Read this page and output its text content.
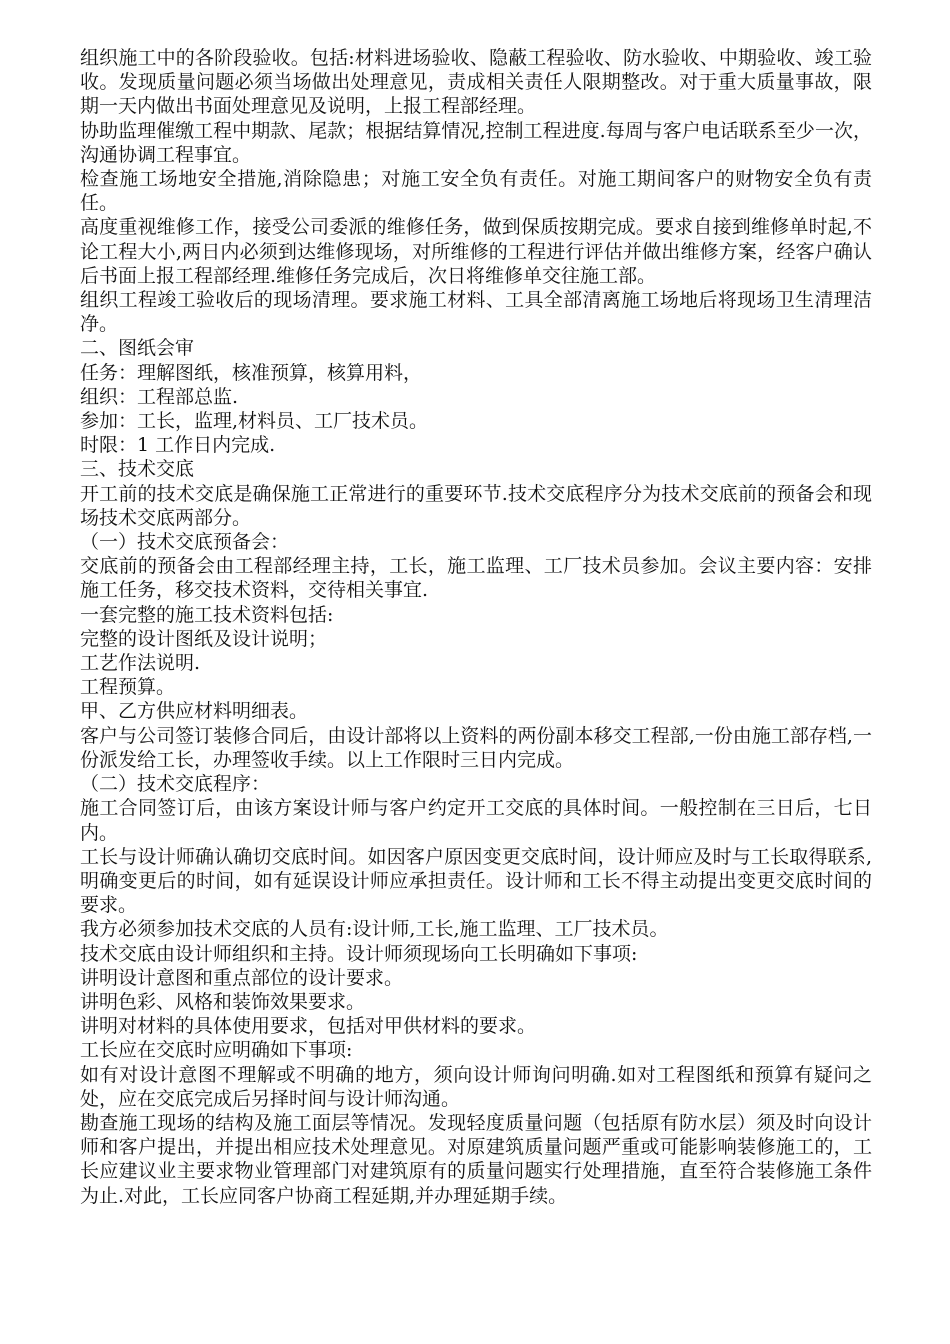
组织施工中的各阶段验收。包括:材料进场验收、隐蔽工程验收、防水验收、中期验收、竣工验收。发现质量问题必须当场做出处理意见，责成相关责任人限期整改。对于重大质量事故，限期一天内做出书面处理意见及说明，上报工程部经理。

协助监理催缴工程中期款、尾款；根据结算情况,控制工程进度.每周与客户电话联系至少一次，沟通协调工程事宜。

检查施工场地安全措施,消除隐患；对施工安全负有责任。对施工期间客户的财物安全负有责任。

高度重视维修工作，接受公司委派的维修任务，做到保质按期完成。要求自接到维修单时起,不论工程大小,两日内必须到达维修现场，对所维修的工程进行评估并做出维修方案，经客户确认后书面上报工程部经理.维修任务完成后，次日将维修单交往施工部。

组织工程竣工验收后的现场清理。要求施工材料、工具全部清离施工场地后将现场卫生清理洁净。

二、图纸会审

任务：理解图纸，核准预算，核算用料，

组织：工程部总监.

参加：工长，监理,材料员、工厂技术员。

时限：1 工作日内完成.

三、技术交底

开工前的技术交底是确保施工正常进行的重要环节.技术交底程序分为技术交底前的预备会和现场技术交底两部分。

（一）技术交底预备会：

交底前的预备会由工程部经理主持，工长，施工监理、工厂技术员参加。会议主要内容：安排施工任务，移交技术资料，交待相关事宜.

一套完整的施工技术资料包括:

完整的设计图纸及设计说明；

工艺作法说明.

工程预算。

甲、乙方供应材料明细表。

客户与公司签订装修合同后，由设计部将以上资料的两份副本移交工程部,一份由施工部存档,一份派发给工长，办理签收手续。以上工作限时三日内完成。

（二）技术交底程序：

施工合同签订后，由该方案设计师与客户约定开工交底的具体时间。一般控制在三日后，七日内。

工长与设计师确认确切交底时间。如因客户原因变更交底时间，设计师应及时与工长取得联系,明确变更后的时间，如有延误设计师应承担责任。设计师和工长不得主动提出变更交底时间的要求。

我方必须参加技术交底的人员有:设计师,工长,施工监理、工厂技术员。

技术交底由设计师组织和主持。设计师须现场向工长明确如下事项:

讲明设计意图和重点部位的设计要求。

讲明色彩、风格和装饰效果要求。

讲明对材料的具体使用要求，包括对甲供材料的要求。

工长应在交底时应明确如下事项:

如有对设计意图不理解或不明确的地方，须向设计师询问明确.如对工程图纸和预算有疑问之处，应在交底完成后另择时间与设计师沟通。

勘查施工现场的结构及施工面层等情况。发现轻度质量问题（包括原有防水层）须及时向设计师和客户提出，并提出相应技术处理意见。对原建筑质量问题严重或可能影响装修施工的，工长应建议业主要求物业管理部门对建筑原有的质量问题实行处理措施，直至符合装修施工条件为止.对此，工长应同客户协商工程延期,并办理延期手续。
